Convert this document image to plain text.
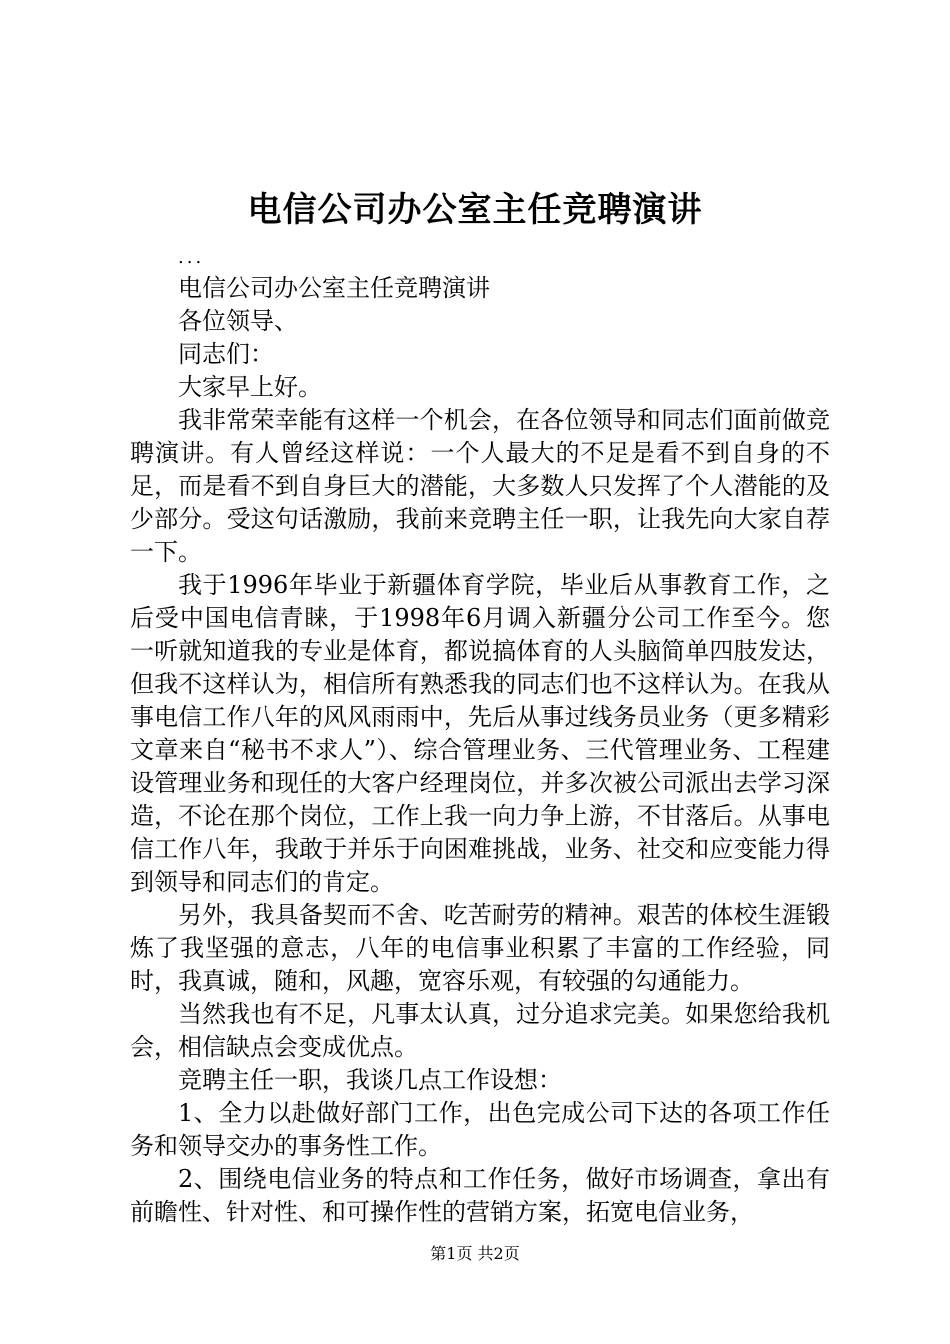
电信公司办公室主任竞聘演讲
...

电信公司办公室主任竞聘演讲

各位领导、

同志们：

大家早上好。

我非常荣幸能有这样一个机会，在各位领导和同志们面前做竞聘演讲。有人曾经这样说：一个人最大的不足是看不到自身的不足，而是看不到自身巨大的潜能，大多数人只发挥了个人潜能的及少部分。受这句话激励，我前来竞聘主任一职，让我先向大家自荐一下。

我于1996年毕业于新疆体育学院，毕业后从事教育工作，之后受中国电信青睐，于1998年6月调入新疆分公司工作至今。您一听就知道我的专业是体育，都说搞体育的人头脑简单四肢发达，但我不这样认为，相信所有熟悉我的同志们也不这样认为。在我从事电信工作八年的风风雨雨中，先后从事过线务员业务（更多精彩文章来自“秘书不求人”）、综合管理业务、三代管理业务、工程建设管理业务和现任的大客户经理岗位，并多次被公司派出去学习深造，不论在那个岗位，工作上我一向力争上游，不甘落后。从事电信工作八年，我敢于并乐于向困难挑战，业务、社交和应变能力得到领导和同志们的肯定。

另外，我具备契而不舍、吃苦耐劳的精神。艰苦的体校生涯锻炼了我坚强的意志，八年的电信事业积累了丰富的工作经验，同时，我真诚，随和，风趣，宽容乐观，有较强的勾通能力。

当然我也有不足，凡事太认真，过分追求完美。如果您给我机会，相信缺点会变成优点。

竞聘主任一职，我谈几点工作设想：

1、全力以赴做好部门工作，出色完成公司下达的各项工作任务和领导交办的事务性工作。

2、围绕电信业务的特点和工作任务，做好市场调查，拿出有前瞻性、针对性、和可操作性的营销方案，拓宽电信业务，

第1页 共2页
